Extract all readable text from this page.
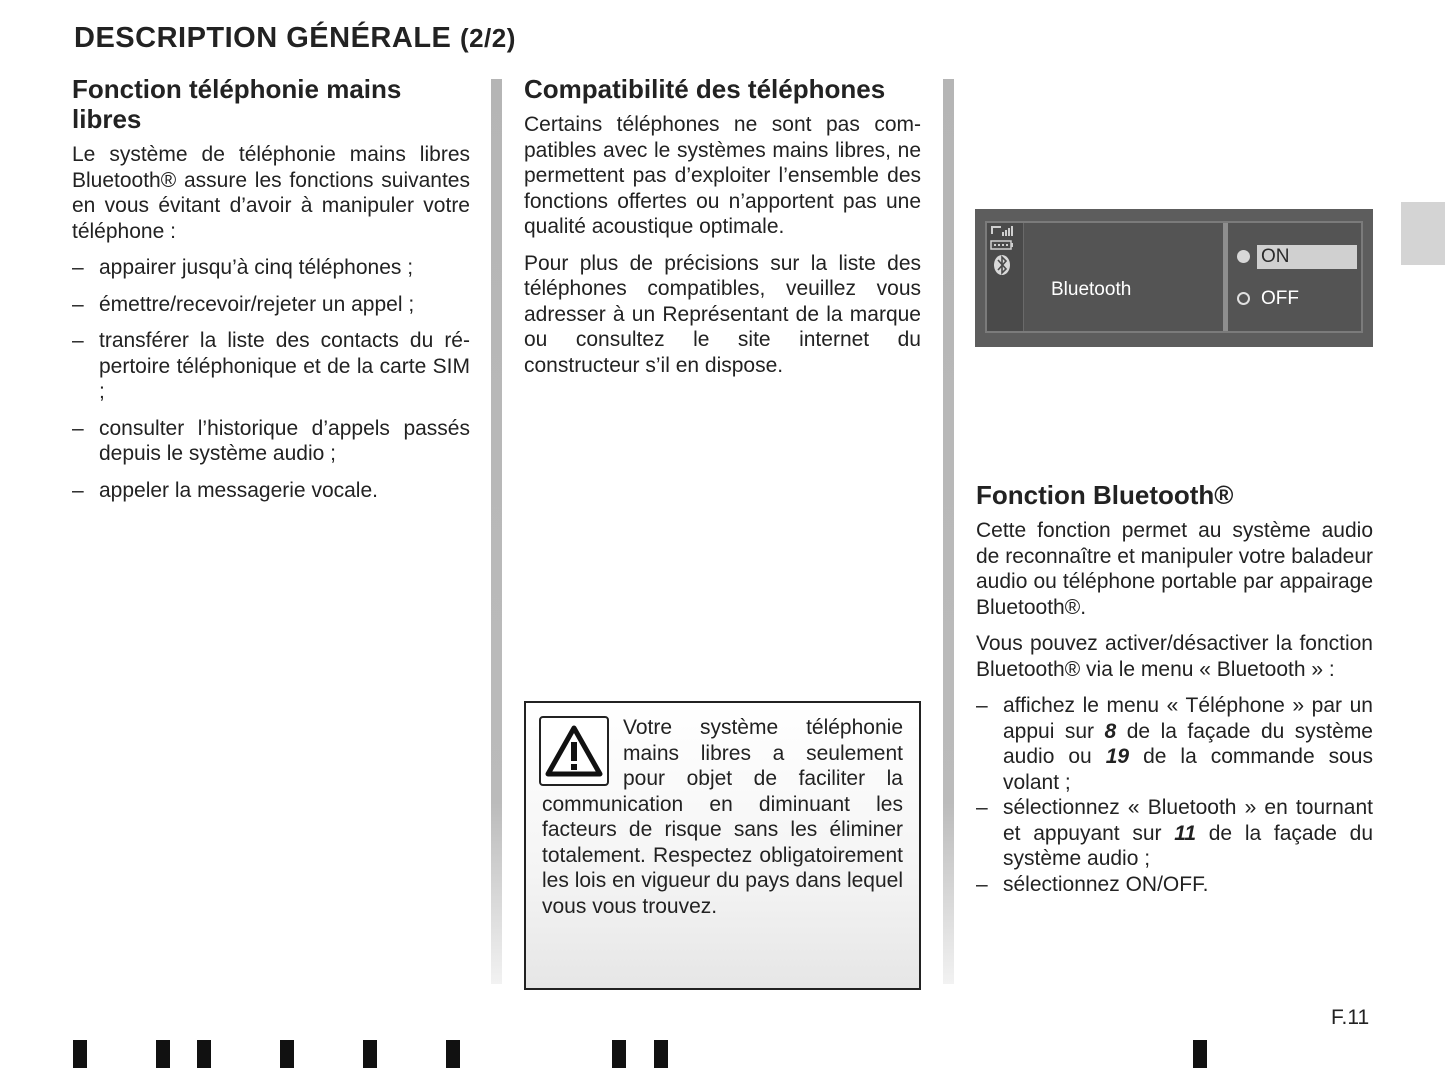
DESCRIPTION GÉNÉRALE (2/2)
Fonction téléphonie mains libres

Le système de téléphonie mains libres Bluetooth® assure les fonctions suivantes en vous évitant d’avoir à manipuler votre téléphone :

– appairer jusqu’à cinq téléphones ;
– émettre/recevoir/rejeter un appel ;
– transférer la liste des contacts du répertoire téléphonique et de la carte SIM ;
– consulter l’historique d’appels passés depuis le système audio ;
– appeler la messagerie vocale.
Compatibilité des téléphones

Certains téléphones ne sont pas compatibles avec le systèmes mains libres, ne permettent pas d’exploiter l’ensemble des fonctions offertes ou n’apportent pas une qualité acoustique optimale.

Pour plus de précisions sur la liste des téléphones compatibles, veuillez vous adresser à un Représentant de la marque ou consultez le site internet du constructeur s’il en dispose.

Votre système téléphonie mains libres a seulement pour objet de faciliter la communication en diminuant les facteurs de risque sans les éliminer totalement. Respectez obligatoirement les lois en vigueur du pays dans lequel vous vous trouvez.

Bluetooth
ON
OFF
Fonction Bluetooth®

Cette fonction permet au système audio de reconnaître et manipuler votre baladeur audio ou téléphone portable par appairage Bluetooth®.

Vous pouvez activer/désactiver la fonction Bluetooth® via le menu « Bluetooth » :

– affichez le menu « Téléphone » par un appui sur 8 de la façade du système audio ou 19 de la commande sous volant ;
– sélectionnez « Bluetooth » en tournant et appuyant sur 11 de la façade du système audio ;
– sélectionnez ON/OFF.
F.11
